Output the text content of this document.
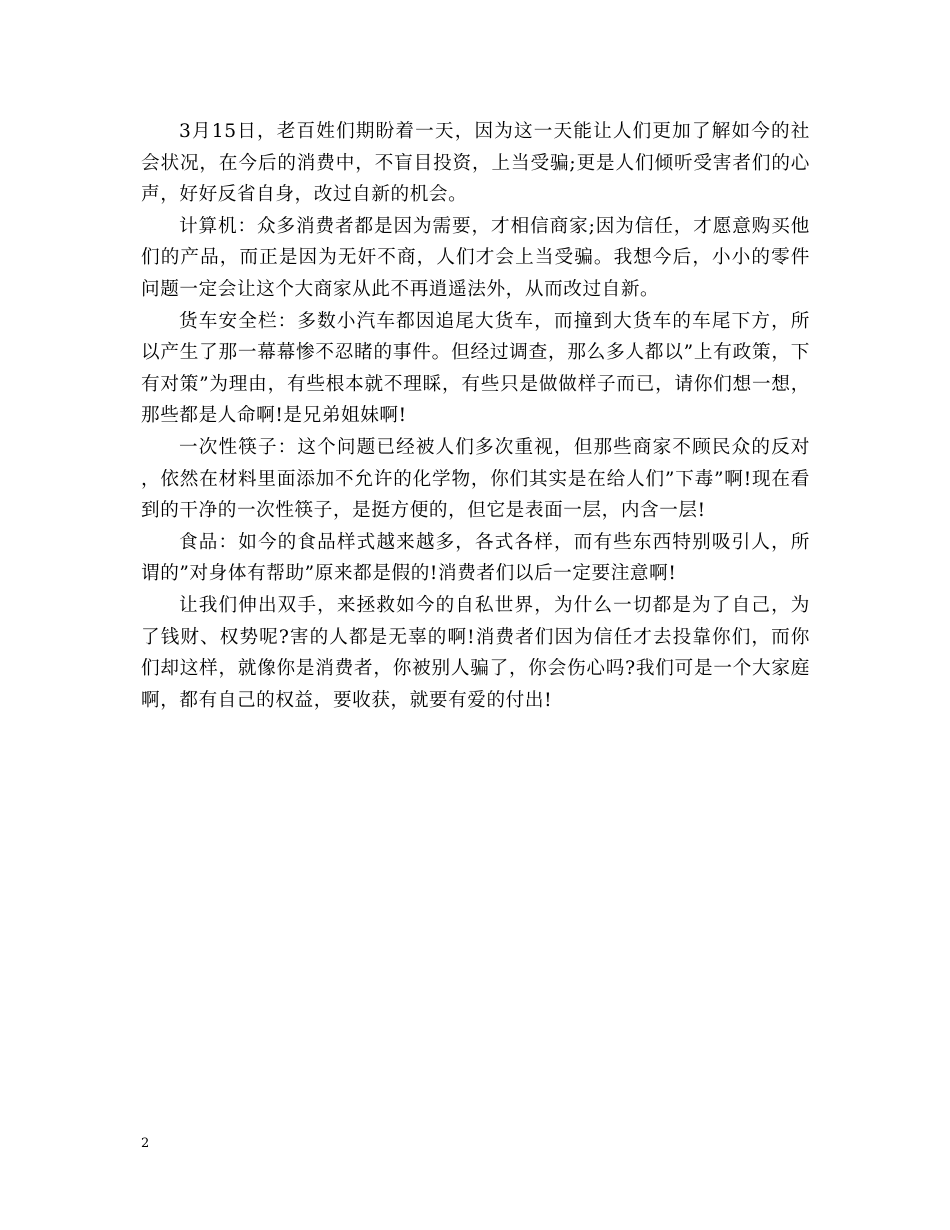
3月15日，老百姓们期盼着一天，因为这一天能让人们更加了解如今的社会状况，在今后的消费中，不盲目投资，上当受骗;更是人们倾听受害者们的心声，好好反省自身，改过自新的机会。

计算机：众多消费者都是因为需要，才相信商家;因为信任，才愿意购买他们的产品，而正是因为无奸不商，人们才会上当受骗。我想今后，小小的零件问题一定会让这个大商家从此不再逍遥法外，从而改过自新。

货车安全栏：多数小汽车都因追尾大货车，而撞到大货车的车尾下方，所以产生了那一幕幕惨不忍睹的事件。但经过调查，那么多人都以”上有政策，下有对策”为理由，有些根本就不理睬，有些只是做做样子而已，请你们想一想，那些都是人命啊!是兄弟姐妹啊!

一次性筷子：这个问题已经被人们多次重视，但那些商家不顾民众的反对，依然在材料里面添加不允许的化学物，你们其实是在给人们”下毒”啊!现在看到的干净的一次性筷子，是挺方便的，但它是表面一层，内含一层!

食品：如今的食品样式越来越多，各式各样，而有些东西特别吸引人，所谓的”对身体有帮助”原来都是假的!消费者们以后一定要注意啊!

让我们伸出双手，来拯救如今的自私世界，为什么一切都是为了自己，为了钱财、权势呢?害的人都是无辜的啊!消费者们因为信任才去投靠你们，而你们却这样，就像你是消费者，你被别人骗了，你会伤心吗?我们可是一个大家庭啊，都有自己的权益，要收获，就要有爱的付出!

2
